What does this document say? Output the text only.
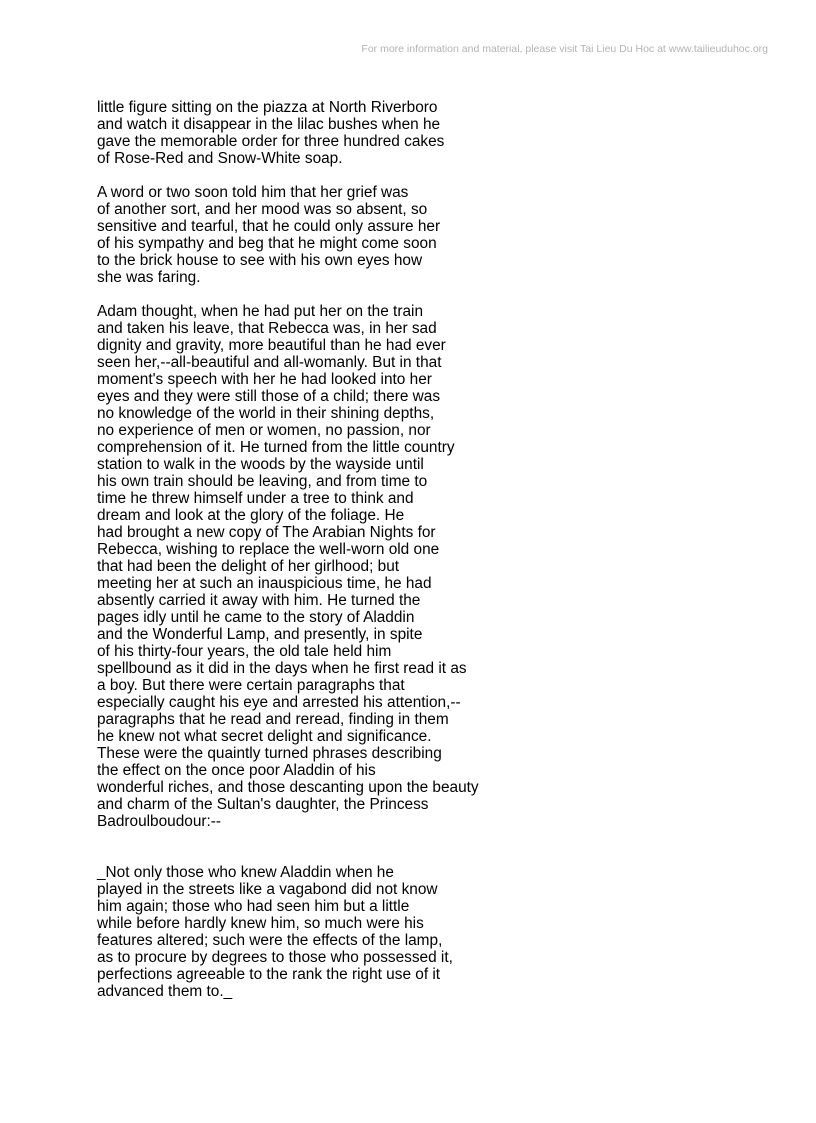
For more information and material, please visit Tai Lieu Du Hoc at www.tailieuduhoc.org

little figure sitting on the piazza at North Riverboro
and watch it disappear in the lilac bushes when he
gave the memorable order for three hundred cakes
of Rose-Red and Snow-White soap.

A word or two soon told him that her grief was
of another sort, and her mood was so absent, so
sensitive and tearful, that he could only assure her
of his sympathy and beg that he might come soon
to the brick house to see with his own eyes how
she was faring.

Adam thought, when he had put her on the train
and taken his leave, that Rebecca was, in her sad
dignity and gravity, more beautiful than he had ever
seen her,--all-beautiful and all-womanly. But in that
moment's speech with her he had looked into her
eyes and they were still those of a child; there was
no knowledge of the world in their shining depths,
no experience of men or women, no passion, nor
comprehension of it. He turned from the little country
station to walk in the woods by the wayside until
his own train should be leaving, and from time to
time he threw himself under a tree to think and
dream and look at the glory of the foliage. He
had brought a new copy of The Arabian Nights for
Rebecca, wishing to replace the well-worn old one
that had been the delight of her girlhood; but
meeting her at such an inauspicious time, he had
absently carried it away with him. He turned the
pages idly until he came to the story of Aladdin
and the Wonderful Lamp, and presently, in spite
of his thirty-four years, the old tale held him
spellbound as it did in the days when he first read it as
a boy. But there were certain paragraphs that
especially caught his eye and arrested his attention,--
paragraphs that he read and reread, finding in them
he knew not what secret delight and significance.
These were the quaintly turned phrases describing
the effect on the once poor Aladdin of his
wonderful riches, and those descanting upon the beauty
and charm of the Sultan's daughter, the Princess
Badroulboudour:--

_Not only those who knew Aladdin when he
played in the streets like a vagabond did not know
him again; those who had seen him but a little
while before hardly knew him, so much were his
features altered; such were the effects of the lamp,
as to procure by degrees to those who possessed it,
perfections agreeable to the rank the right use of it
advanced them to._
